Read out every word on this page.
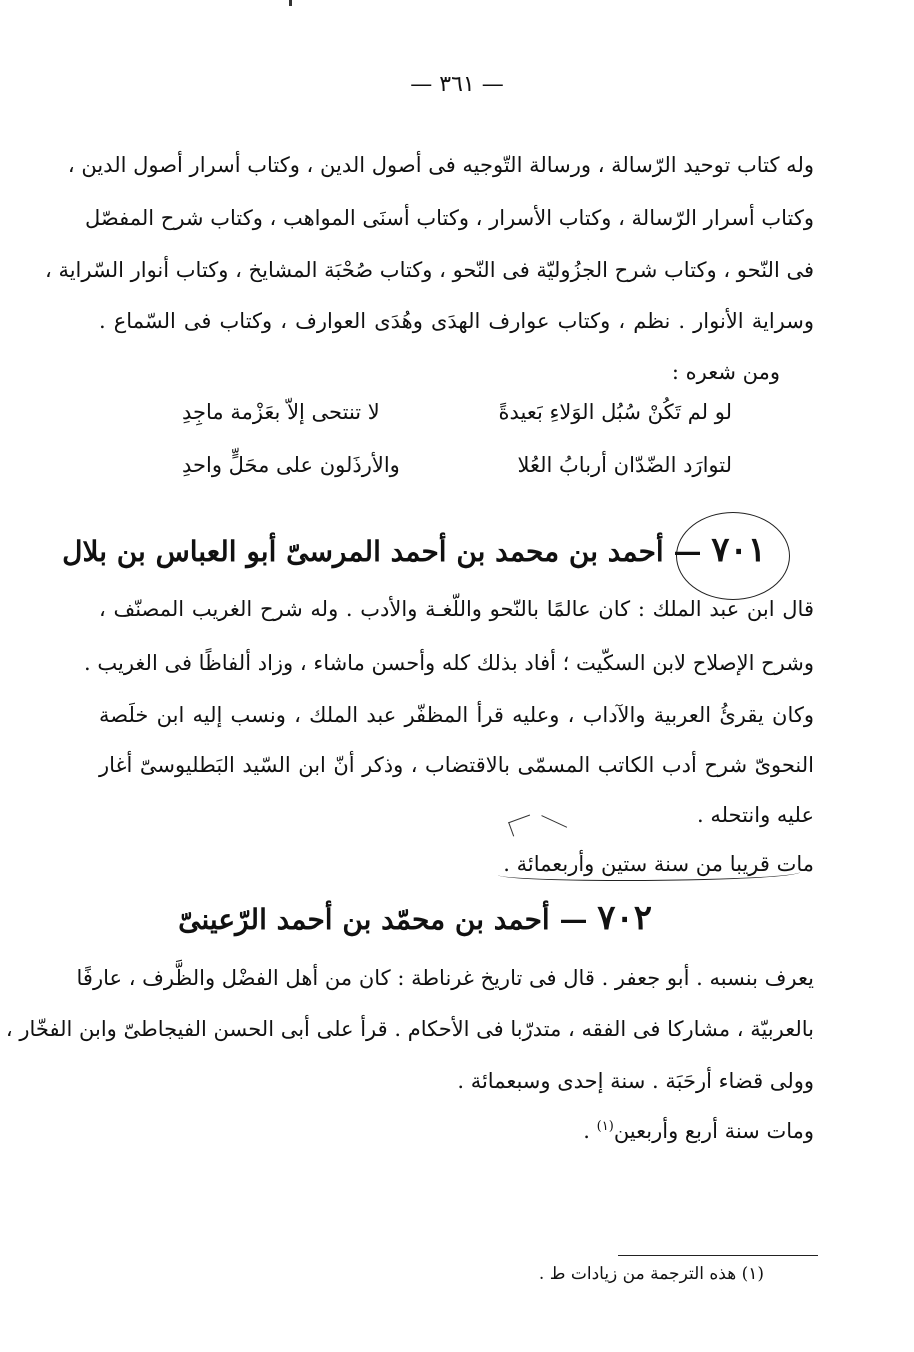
— ٣٦١ —
وله كتاب توحيد الرّسالة ، ورسالة التّوجيه فى أصول الدين ، وكتاب أسرار أصول الدين ،
وكتاب أسرار الرّسالة ، وكتاب الأسرار ، وكتاب أسنَى المواهب ، وكتاب شرح المفصّل
فى النّحو ، وكتاب شرح الجزُوليّة فى النّحو ، وكتاب صُحْبَة المشايخ ، وكتاب أنوار السّراية ،
وسراية الأنوار . نظم ، وكتاب عوارف الهدَى وهُدَى العوارف ، وكتاب فى السّماع .
ومن شعره :
لو لم تَكُنْ سُبُل الوَلاءِ بَعيدةً
لا تنتحى إلاّ بعَزْمة ماجِدِ
لتوارَد الضّدّان أربابُ العُلا
والأرذَلون على محَلٍّ واحدِ
٧٠١ — أحمد بن محمد بن أحمد المرسىّ أبو العباس بن بلال
قال ابن عبد الملك : كان عالمًا بالنّحو واللّغـة والأدب . وله شرح الغريب المصنّف ،
وشرح الإصلاح لابن السكّيت ؛ أفاد بذلك كله وأحسن ماشاء ، وزاد ألفاظًا فى الغريب .
وكان يقرئُ العربية والآداب ، وعليه قرأ المظفّر عبد الملك ، ونسب إليه ابن خلَصة
النحوىّ شرح أدب الكاتب المسمّى بالاقتضاب ، وذكر أنّ ابن السّيد البَطليوسىّ أغار
عليه وانتحله .
مات قريبا من سنة ستين وأربعمائة .
٧٠٢ — أحمد بن محمّد بن أحمد الرّعينىّ
يعرف بنسبه . أبو جعفر . قال فى تاريخ غرناطة : كان من أهل الفضْل والظَّرف ، عارفًا
بالعربيّة ، مشاركا فى الفقه ، متدرّبا فى الأحكام . قرأ على أبى الحسن الفيجاطىّ وابن الفخّار ،
وولى قضاء أرحَبَة . سنة إحدى وسبعمائة .
ومات سنة أربع وأربعين$^{(١)}$ .
(١) هذه الترجمة من زيادات ط .
